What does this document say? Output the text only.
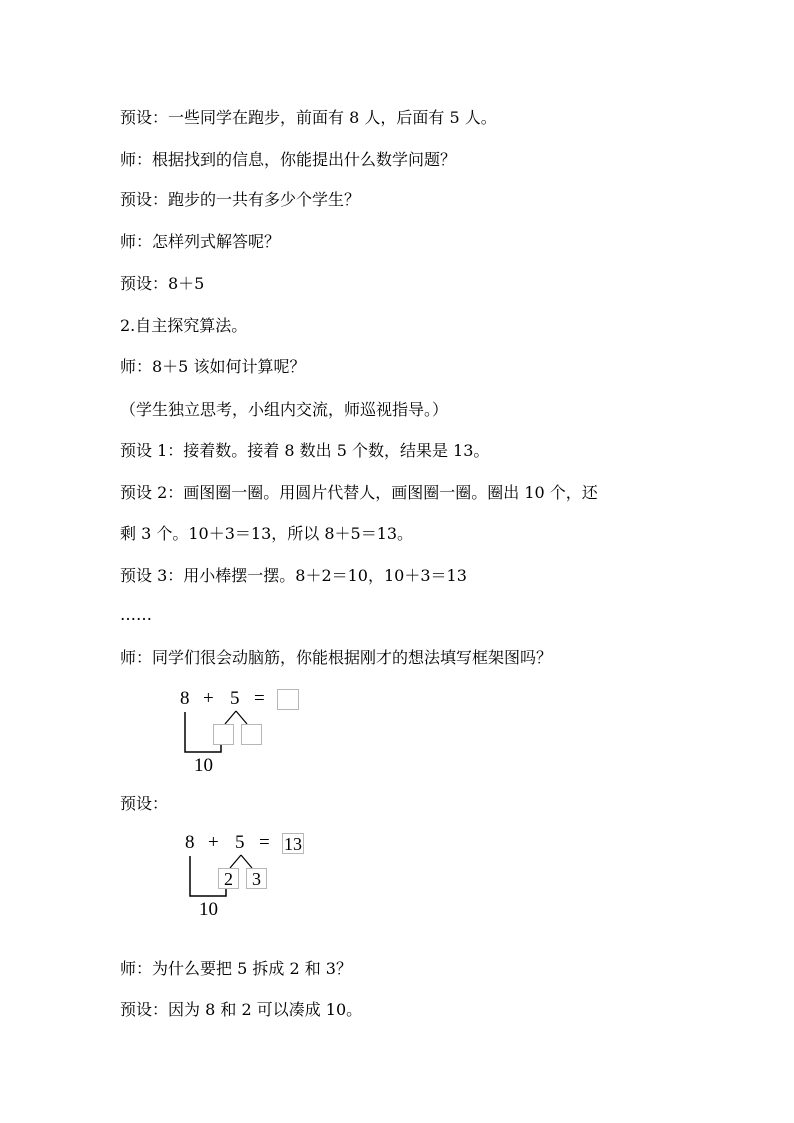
预设：一些同学在跑步，前面有 8 人，后面有 5 人。
师：根据找到的信息，你能提出什么数学问题？
预设：跑步的一共有多少个学生？
师：怎样列式解答呢？
预设：8＋5
2.自主探究算法。
师：8＋5 该如何计算呢？
（学生独立思考，小组内交流，师巡视指导。）
预设 1：接着数。接着 8 数出 5 个数，结果是 13。
预设 2：画图圈一圈。用圆片代替人，画图圈一圈。圈出 10 个，还
剩 3 个。10＋3＝13，所以 8＋5＝13。
预设 3：用小棒摆一摆。8＋2＝10，10＋3＝13
……
师：同学们很会动脑筋，你能根据刚才的想法填写框架图吗？
8 + 5 =
10
预设：
8 + 5 = 13
2	3
10
师：为什么要把 5 拆成 2 和 3？
预设：因为 8 和 2 可以凑成 10。
